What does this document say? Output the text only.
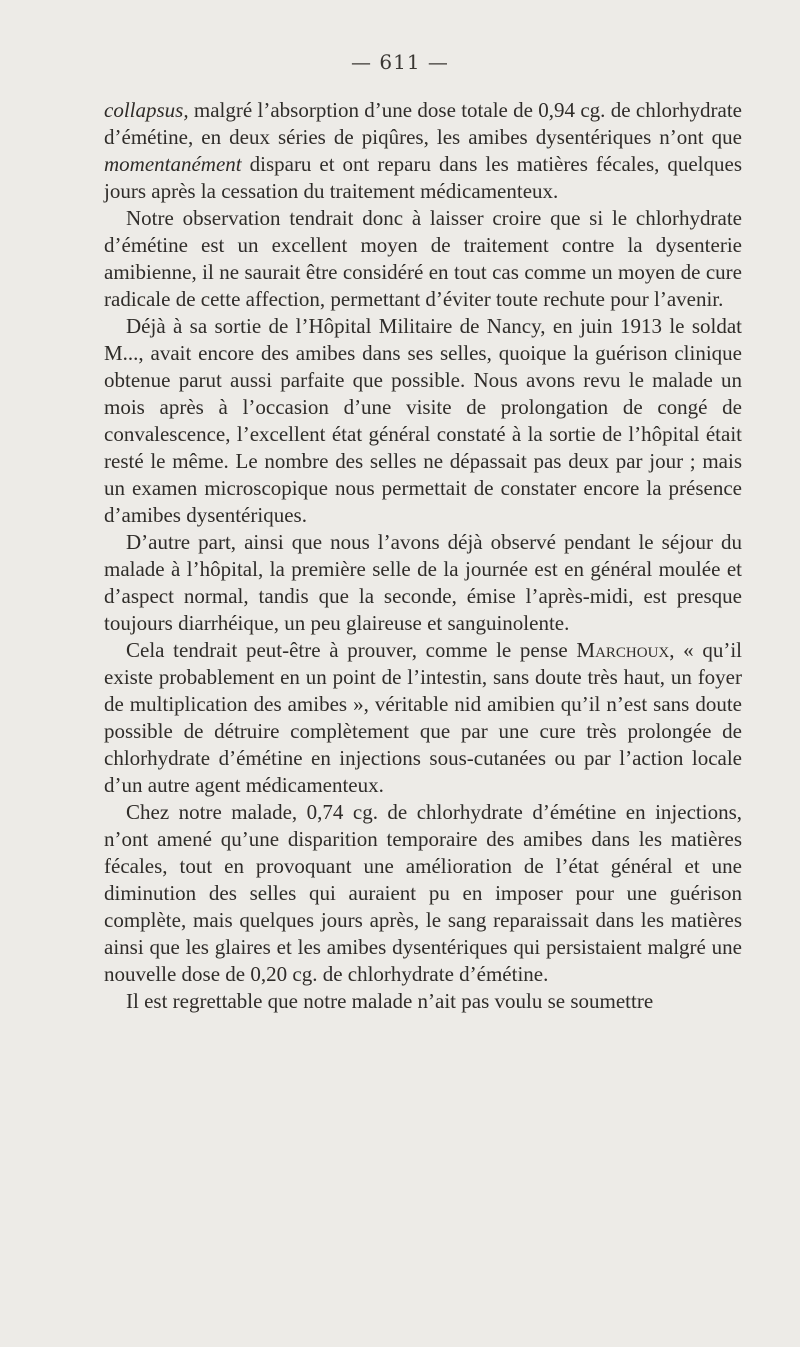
— 611 —

collapsus, malgré l’absorption d’une dose totale de 0,94 cg. de chlorhydrate d’émétine, en deux séries de piqûres, les amibes dysentériques n’ont que momentanément disparu et ont reparu dans les matières fécales, quelques jours après la cessation du traitement médicamenteux.

Notre observation tendrait donc à laisser croire que si le chlorhydrate d’émétine est un excellent moyen de traitement contre la dysenterie amibienne, il ne saurait être considéré en tout cas comme un moyen de cure radicale de cette affection, permettant d’éviter toute rechute pour l’avenir.

Déjà à sa sortie de l’Hôpital Militaire de Nancy, en juin 1913 le soldat M..., avait encore des amibes dans ses selles, quoique la guérison clinique obtenue parut aussi parfaite que possible. Nous avons revu le malade un mois après à l’occasion d’une visite de prolongation de congé de convalescence, l’excellent état général constaté à la sortie de l’hôpital était resté le même. Le nombre des selles ne dépassait pas deux par jour ; mais un examen microscopique nous permettait de constater encore la présence d’amibes dysentériques.

D’autre part, ainsi que nous l’avons déjà observé pendant le séjour du malade à l’hôpital, la première selle de la journée est en général moulée et d’aspect normal, tandis que la seconde, émise l’après-midi, est presque toujours diarrhéique, un peu glaireuse et sanguinolente.

Cela tendrait peut-être à prouver, comme le pense Marchoux, « qu’il existe probablement en un point de l’intestin, sans doute très haut, un foyer de multiplication des amibes », véritable nid amibien qu’il n’est sans doute possible de détruire complètement que par une cure très prolongée de chlorhydrate d’émétine en injections sous-cutanées ou par l’action locale d’un autre agent médicamenteux.

Chez notre malade, 0,74 cg. de chlorhydrate d’émétine en injections, n’ont amené qu’une disparition temporaire des amibes dans les matières fécales, tout en provoquant une amélioration de l’état général et une diminution des selles qui auraient pu en imposer pour une guérison complète, mais quelques jours après, le sang reparaissait dans les matières ainsi que les glaires et les amibes dysentériques qui persistaient malgré une nouvelle dose de 0,20 cg. de chlorhydrate d’émétine.

Il est regrettable que notre malade n’ait pas voulu se soumettre
